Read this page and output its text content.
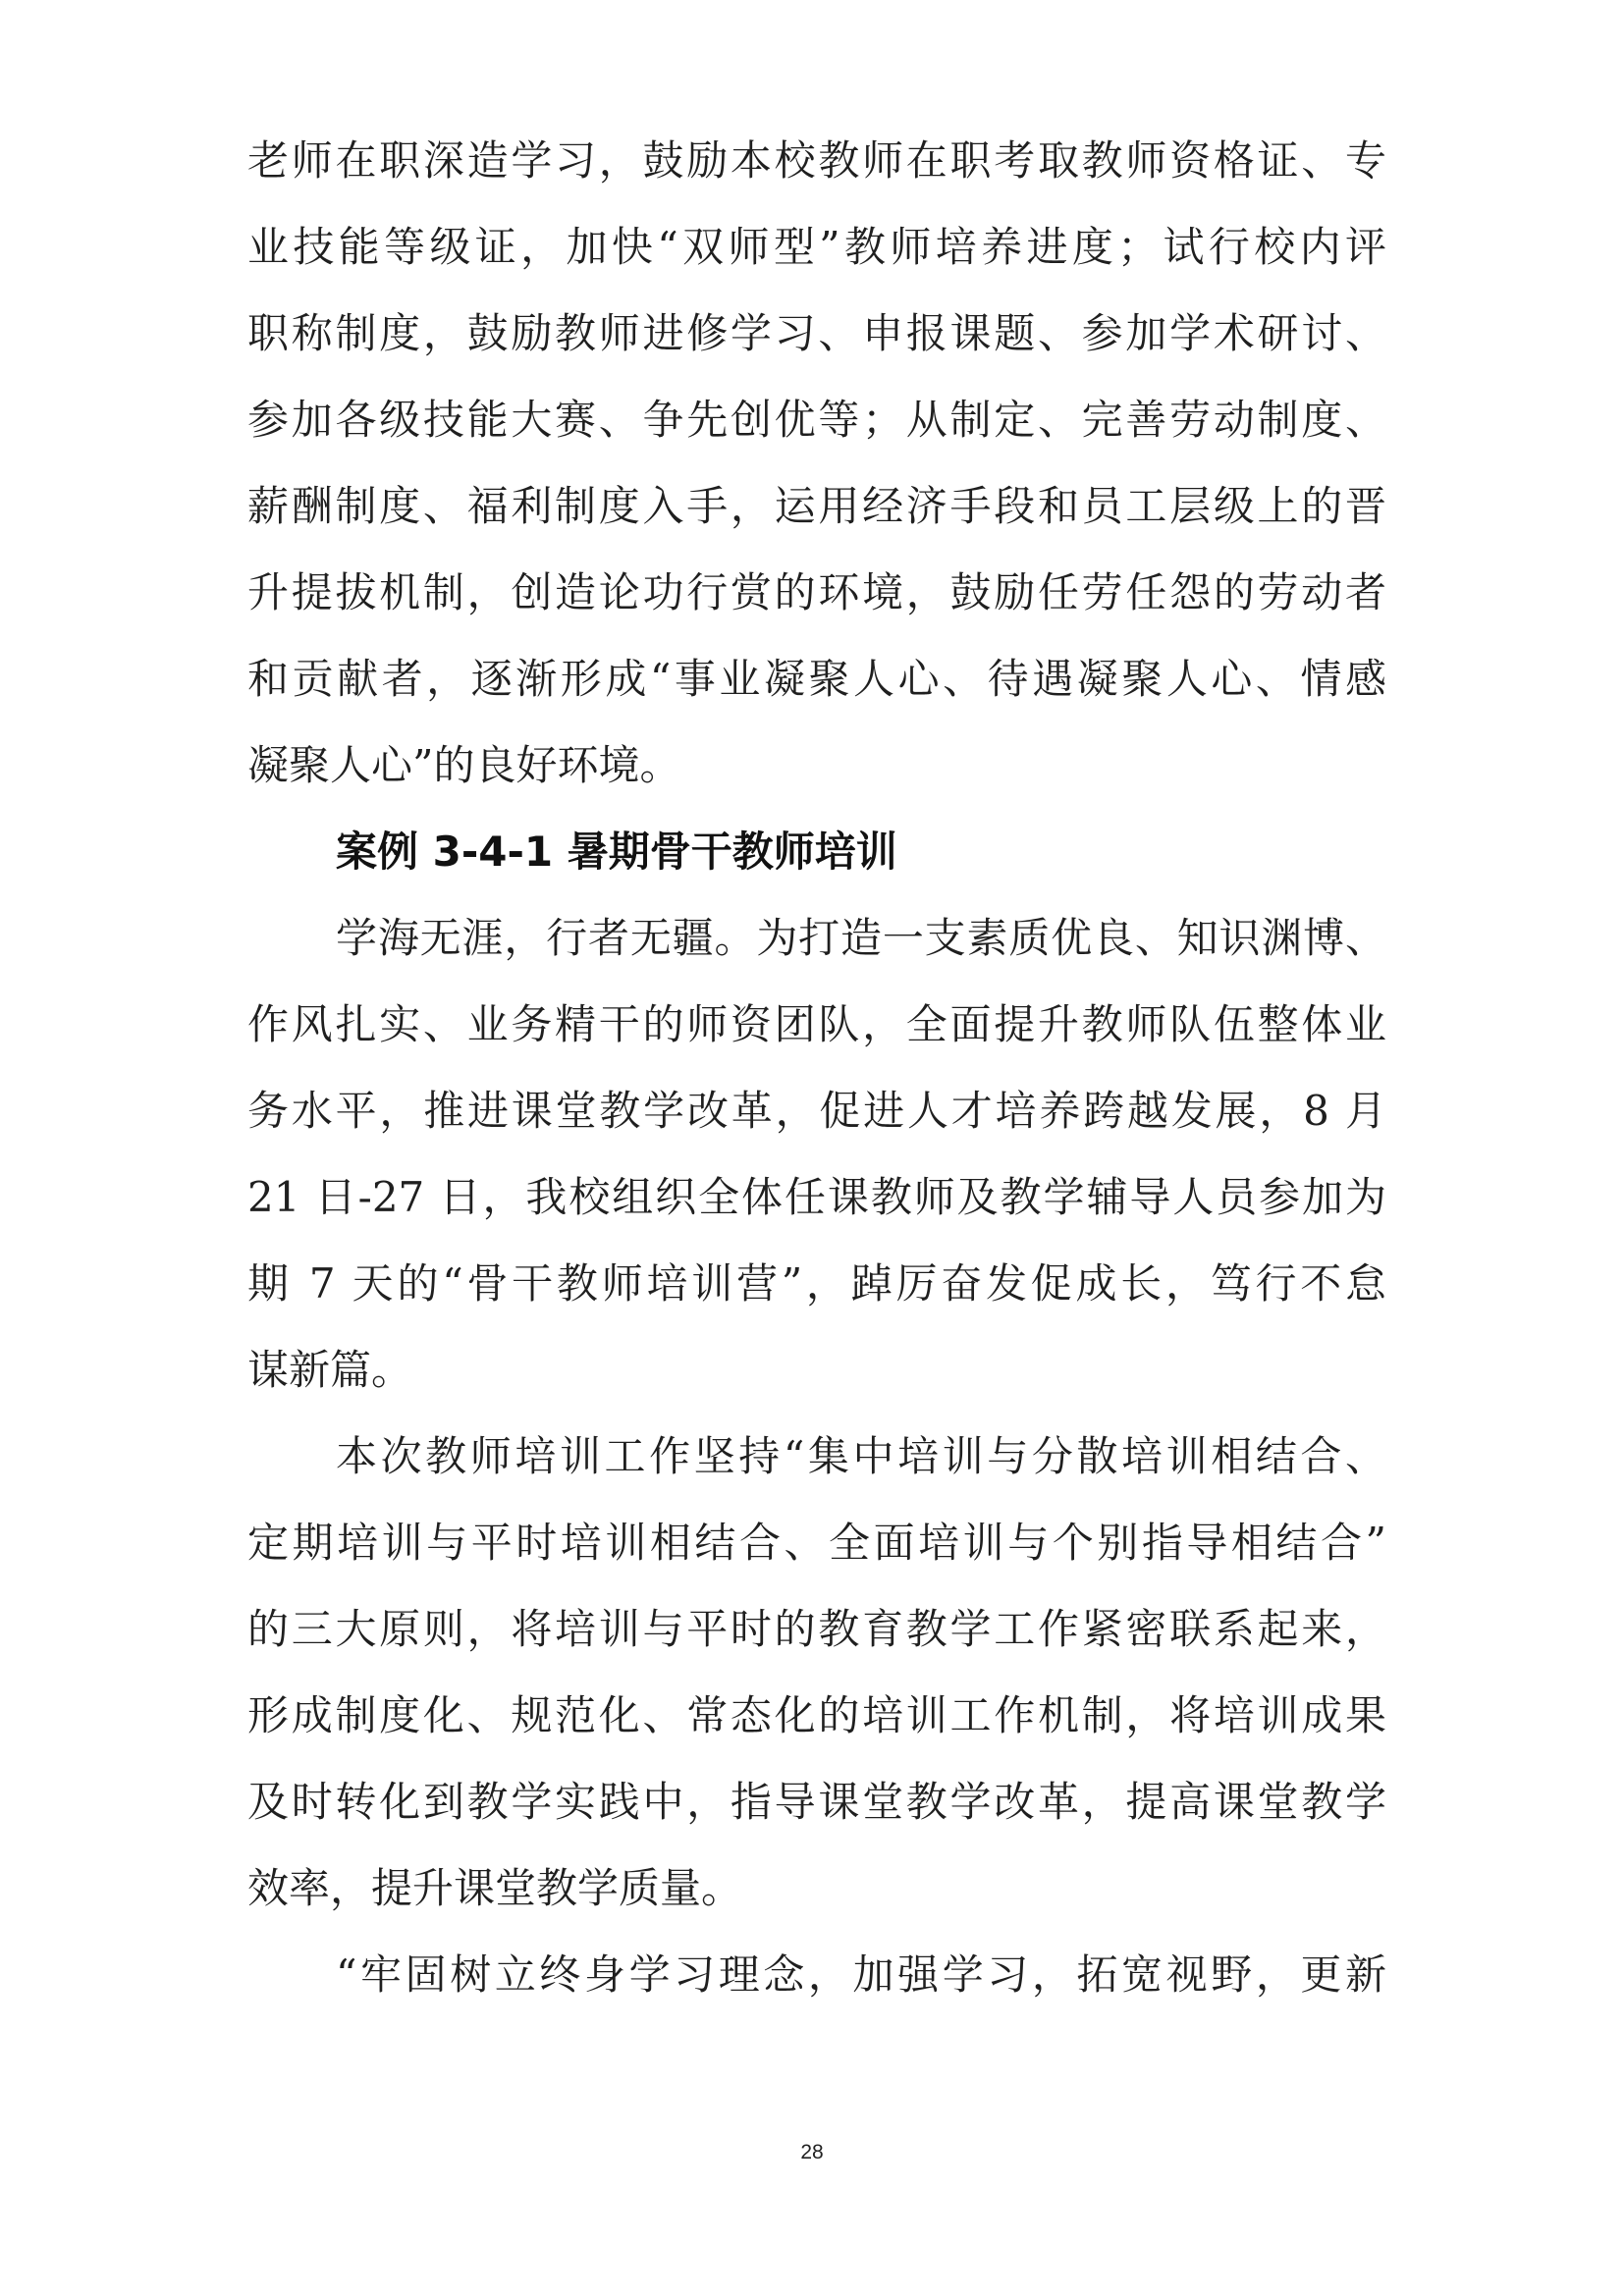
老师在职深造学习，鼓励本校教师在职考取教师资格证、专
业技能等级证，加快“双师型”教师培养进度；试行校内评
职称制度，鼓励教师进修学习、申报课题、参加学术研讨、
参加各级技能大赛、争先创优等；从制定、完善劳动制度、
薪酬制度、福利制度入手，运用经济手段和员工层级上的晋
升提拔机制，创造论功行赏的环境，鼓励任劳任怨的劳动者
和贡献者，逐渐形成“事业凝聚人心、待遇凝聚人心、情感
凝聚人心”的良好环境。
案例 3-4-1 暑期骨干教师培训
学海无涯，行者无疆。为打造一支素质优良、知识渊博、
作风扎实、业务精干的师资团队，全面提升教师队伍整体业
务水平，推进课堂教学改革，促进人才培养跨越发展，8 月
21 日-27 日，我校组织全体任课教师及教学辅导人员参加为
期 7 天的“骨干教师培训营”，踔厉奋发促成长，笃行不怠
谋新篇。
本次教师培训工作坚持“集中培训与分散培训相结合、
定期培训与平时培训相结合、全面培训与个别指导相结合”
的三大原则，将培训与平时的教育教学工作紧密联系起来，
形成制度化、规范化、常态化的培训工作机制，将培训成果
及时转化到教学实践中，指导课堂教学改革，提高课堂教学
效率，提升课堂教学质量。
“牢固树立终身学习理念，加强学习，拓宽视野，更新
28
